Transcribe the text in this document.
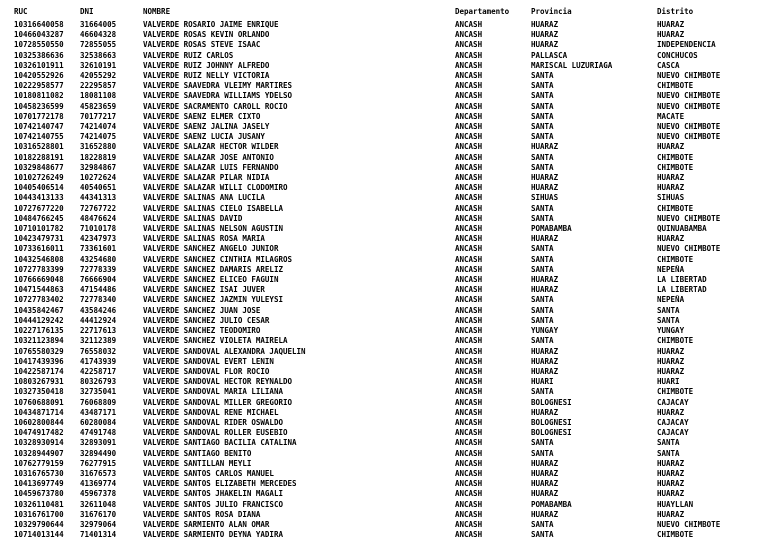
RUC	DNI	NOMBRE	Departamento	Provincia	Distrito
10316640058	31664005	VALVERDE ROSARIO JAIME ENRIQUE	ANCASH	HUARAZ	HUARAZ
10466043287	46604328	VALVERDE ROSAS KEVIN ORLANDO	ANCASH	HUARAZ	HUARAZ
10728550550	72855055	VALVERDE ROSAS STEVE ISAAC	ANCASH	HUARAZ	INDEPENDENCIA
10325386636	32538663	VALVERDE RUIZ CARLOS	ANCASH	PALLASCA	CONCHUCOS
10326101911	32610191	VALVERDE RUIZ JOHNNY ALFREDO	ANCASH	MARISCAL LUZURIAGA	CASCA
10420552926	42055292	VALVERDE RUIZ NELLY VICTORIA	ANCASH	SANTA	NUEVO CHIMBOTE
10222958577	22295857	VALVERDE SAAVEDRA VLEIMY MARTIRES	ANCASH	SANTA	CHIMBOTE
10180811082	18081108	VALVERDE SAAVEDRA WILLIAMS YDELSO	ANCASH	SANTA	NUEVO CHIMBOTE
10458236599	45823659	VALVERDE SACRAMENTO CAROLL ROCIO	ANCASH	SANTA	NUEVO CHIMBOTE
10701772178	70177217	VALVERDE SAENZ ELMER CIXTO	ANCASH	SANTA	MACATE
10742140747	74214074	VALVERDE SAENZ JALINA JASELY	ANCASH	SANTA	NUEVO CHIMBOTE
10742140755	74214075	VALVERDE SAENZ LUCIA JUSANY	ANCASH	SANTA	NUEVO CHIMBOTE
10316528801	31652880	VALVERDE SALAZAR HECTOR WILDER	ANCASH	HUARAZ	HUARAZ
10182288191	18228819	VALVERDE SALAZAR JOSE ANTONIO	ANCASH	SANTA	CHIMBOTE
10329848677	32984867	VALVERDE SALAZAR LUIS FERNANDO	ANCASH	SANTA	CHIMBOTE
10102726249	10272624	VALVERDE SALAZAR PILAR NIDIA	ANCASH	HUARAZ	HUARAZ
10405406514	40540651	VALVERDE SALAZAR WILLI CLODOMIRO	ANCASH	HUARAZ	HUARAZ
10443413133	44341313	VALVERDE SALINAS ANA LUCILA	ANCASH	SIHUAS	SIHUAS
10727677220	72767722	VALVERDE SALINAS CIELO ISABELLA	ANCASH	SANTA	CHIMBOTE
10484766245	48476624	VALVERDE SALINAS DAVID	ANCASH	SANTA	NUEVO CHIMBOTE
10710101782	71010178	VALVERDE SALINAS NELSON AGUSTIN	ANCASH	POMABAMBA	QUINUABAMBA
10423479731	42347973	VALVERDE SALINAS ROSA MARIA	ANCASH	HUARAZ	HUARAZ
10733616011	73361601	VALVERDE SANCHEZ ANGELO JUNIOR	ANCASH	SANTA	NUEVO CHIMBOTE
10432546808	43254680	VALVERDE SANCHEZ CINTHIA MILAGROS	ANCASH	SANTA	CHIMBOTE
10727783399	72778339	VALVERDE SANCHEZ DAMARIS ARELIZ	ANCASH	SANTA	NEPEÑA
10766669048	76666904	VALVERDE SANCHEZ ELICEO FAGUIN	ANCASH	HUARAZ	LA LIBERTAD
10471544863	47154486	VALVERDE SANCHEZ ISAI JUVER	ANCASH	HUARAZ	LA LIBERTAD
10727783402	72778340	VALVERDE SANCHEZ JAZMIN YULEYSI	ANCASH	SANTA	NEPEÑA
10435842467	43584246	VALVERDE SANCHEZ JUAN JOSE	ANCASH	SANTA	SANTA
10444129242	44412924	VALVERDE SANCHEZ JULIO CESAR	ANCASH	SANTA	SANTA
10227176135	22717613	VALVERDE SANCHEZ TEODOMIRO	ANCASH	YUNGAY	YUNGAY
10321123894	32112389	VALVERDE SANCHEZ VIOLETA MAIRELA	ANCASH	SANTA	CHIMBOTE
10765580329	76558032	VALVERDE SANDOVAL ALEXANDRA JAQUELIN	ANCASH	HUARAZ	HUARAZ
10417439396	41743939	VALVERDE SANDOVAL EVERT LENIN	ANCASH	HUARAZ	HUARAZ
10422587174	42258717	VALVERDE SANDOVAL FLOR ROCIO	ANCASH	HUARAZ	HUARAZ
10803267931	80326793	VALVERDE SANDOVAL HECTOR REYNALDO	ANCASH	HUARI	HUARI
10327350418	32735041	VALVERDE SANDOVAL MARIA LILIANA	ANCASH	SANTA	CHIMBOTE
10760688091	76068809	VALVERDE SANDOVAL MILLER GREGORIO	ANCASH	BOLOGNESI	CAJACAY
10434871714	43487171	VALVERDE SANDOVAL RENE MICHAEL	ANCASH	HUARAZ	HUARAZ
10602800844	60280084	VALVERDE SANDOVAL RIDER OSWALDO	ANCASH	BOLOGNESI	CAJACAY
10474917482	47491748	VALVERDE SANDOVAL ROLLER EUSEBIO	ANCASH	BOLOGNESI	CAJACAY
10328930914	32893091	VALVERDE SANTIAGO BACILIA CATALINA	ANCASH	SANTA	SANTA
10328944907	32894490	VALVERDE SANTIAGO BENITO	ANCASH	SANTA	SANTA
10762779159	76277915	VALVERDE SANTILLAN MEYLI	ANCASH	HUARAZ	HUARAZ
10316765730	31676573	VALVERDE SANTOS CARLOS MANUEL	ANCASH	HUARAZ	HUARAZ
10413697749	41369774	VALVERDE SANTOS ELIZABETH MERCEDES	ANCASH	HUARAZ	HUARAZ
10459673780	45967378	VALVERDE SANTOS JHAKELIN MAGALI	ANCASH	HUARAZ	HUARAZ
10326110481	32611048	VALVERDE SANTOS JULIO FRANCISCO	ANCASH	POMABAMBA	HUAYLLAN
10316761700	31676170	VALVERDE SANTOS ROSA DIANA	ANCASH	HUARAZ	HUARAZ
10329790644	32979064	VALVERDE SARMIENTO ALAN OMAR	ANCASH	SANTA	NUEVO CHIMBOTE
10714013144	71401314	VALVERDE SARMIENTO DEYNA YADIRA	ANCASH	SANTA	CHIMBOTE
